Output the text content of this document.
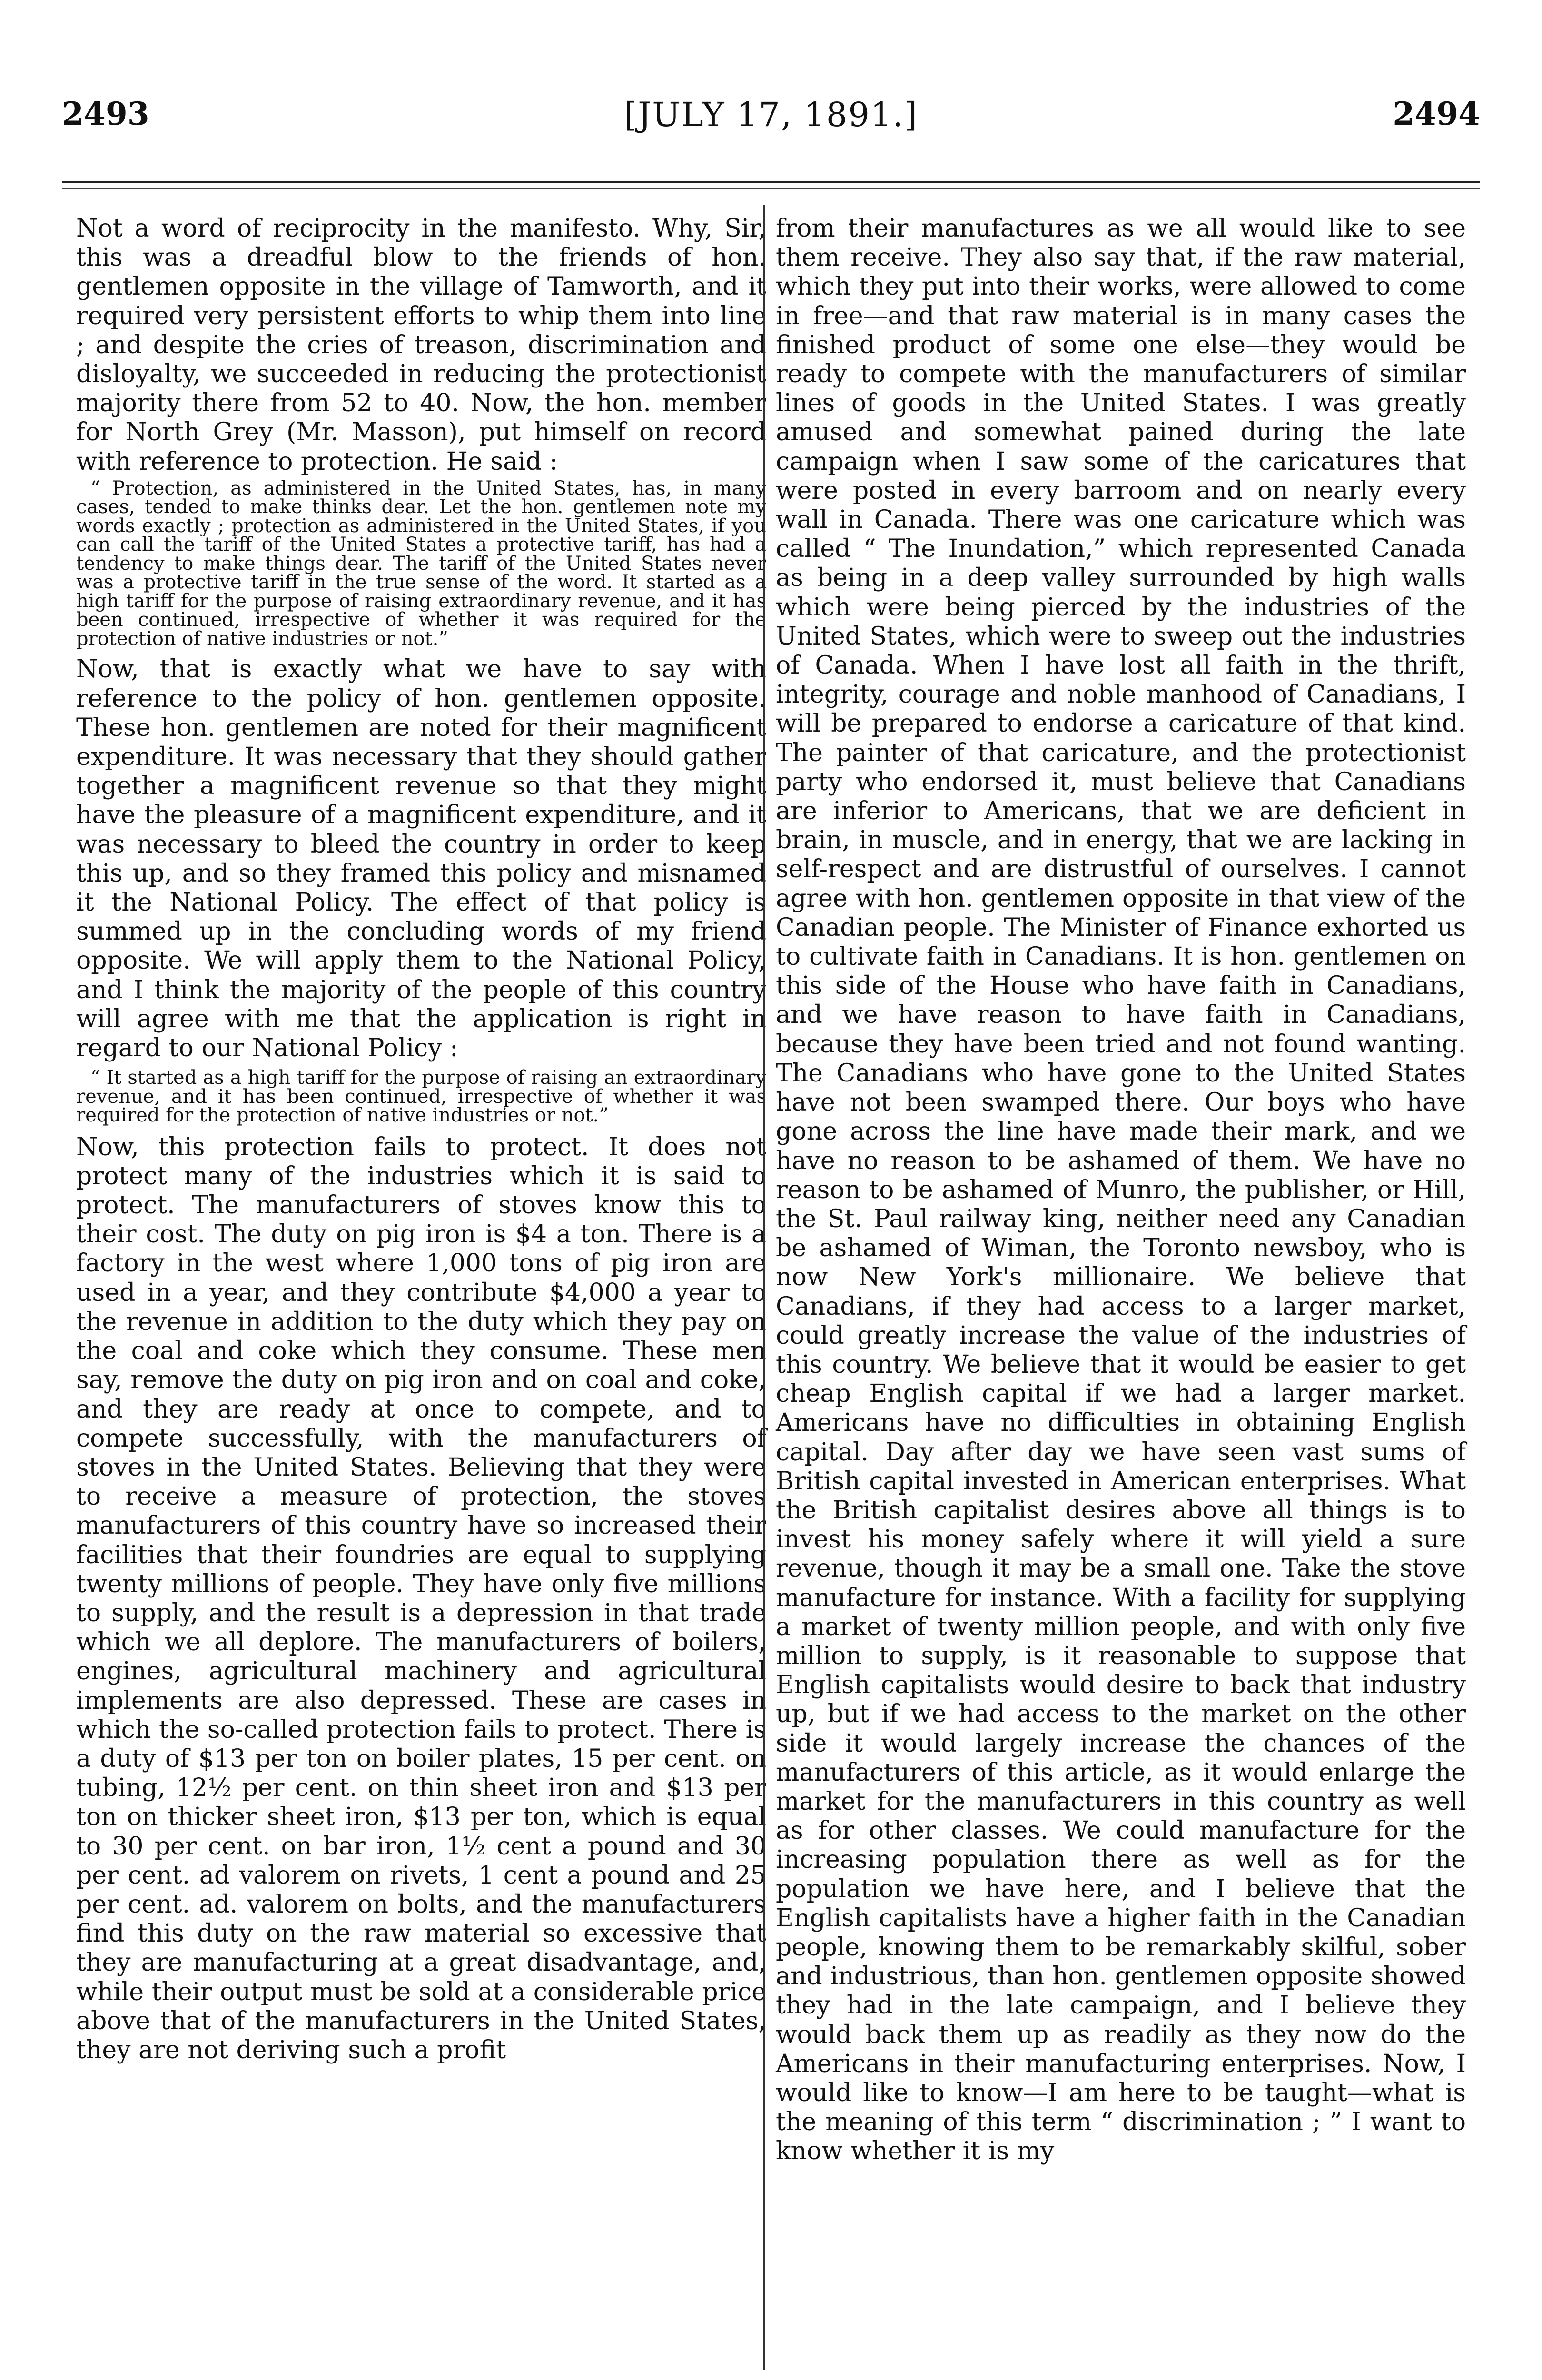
2493	[JULY 17, 1891.]	2494

Not a word of reciprocity in the manifesto. Why, Sir, this was a dreadful blow to the friends of hon. gentlemen opposite in the village of Tamworth, and it required very persistent efforts to whip them into line ; and despite the cries of treason, discrimination and disloyalty, we succeeded in reducing the protectionist majority there from 52 to 40. Now, the hon. member for North Grey (Mr. Masson), put himself on record with reference to protection. He said :

“ Protection, as administered in the United States, has, in many cases, tended to make thinks dear. Let the hon. gentlemen note my words exactly ; protection as administered in the United States, if you can call the tariff of the United States a protective tariff, has had a tendency to make things dear. The tariff of the United States never was a protective tariff in the true sense of the word. It started as a high tariff for the purpose of raising extraordinary revenue, and it has been continued, irrespective of whether it was required for the protection of native industries or not.”

Now, that is exactly what we have to say with reference to the policy of hon. gentlemen opposite. These hon. gentlemen are noted for their magnificent expenditure. It was necessary that they should gather together a magnificent revenue so that they might have the pleasure of a magnificent expenditure, and it was necessary to bleed the country in order to keep this up, and so they framed this policy and misnamed it the National Policy. The effect of that policy is summed up in the concluding words of my friend opposite. We will apply them to the National Policy, and I think the majority of the people of this country will agree with me that the application is right in regard to our National Policy :

“ It started as a high tariff for the purpose of raising an extraordinary revenue, and it has been continued, irrespective of whether it was required for the protection of native industries or not.”

Now, this protection fails to protect. It does not protect many of the industries which it is said to protect. The manufacturers of stoves know this to their cost. The duty on pig iron is $4 a ton. There is a factory in the west where 1,000 tons of pig iron are used in a year, and they contribute $4,000 a year to the revenue in addition to the duty which they pay on the coal and coke which they consume. These men say, remove the duty on pig iron and on coal and coke, and they are ready at once to compete, and to compete successfully, with the manufacturers of stoves in the United States. Believing that they were to receive a measure of protection, the stoves manufacturers of this country have so increased their facilities that their foundries are equal to supplying twenty millions of people. They have only five millions to supply, and the result is a depression in that trade which we all deplore. The manufacturers of boilers, engines, agricultural machinery and agricultural implements are also depressed. These are cases in which the so-called protection fails to protect. There is a duty of $13 per ton on boiler plates, 15 per cent. on tubing, 12½ per cent. on thin sheet iron and $13 per ton on thicker sheet iron, $13 per ton, which is equal to 30 per cent. on bar iron, 1½ cent a pound and 30 per cent. ad valorem on rivets, 1 cent a pound and 25 per cent. ad. valorem on bolts, and the manufacturers find this duty on the raw material so excessive that they are manufacturing at a great disadvantage, and, while their output must be sold at a considerable price above that of the manufacturers in the United States, they are not deriving such a profit

from their manufactures as we all would like to see them receive. They also say that, if the raw material, which they put into their works, were allowed to come in free—and that raw material is in many cases the finished product of some one else—they would be ready to compete with the manufacturers of similar lines of goods in the United States. I was greatly amused and somewhat pained during the late campaign when I saw some of the caricatures that were posted in every barroom and on nearly every wall in Canada. There was one caricature which was called “ The Inundation,” which represented Canada as being in a deep valley surrounded by high walls which were being pierced by the industries of the United States, which were to sweep out the industries of Canada. When I have lost all faith in the thrift, integrity, courage and noble manhood of Canadians, I will be prepared to endorse a caricature of that kind. The painter of that caricature, and the protectionist party who endorsed it, must believe that Canadians are inferior to Americans, that we are deficient in brain, in muscle, and in energy, that we are lacking in self-respect and are distrustful of ourselves. I cannot agree with hon. gentlemen opposite in that view of the Canadian people. The Minister of Finance exhorted us to cultivate faith in Canadians. It is hon. gentlemen on this side of the House who have faith in Canadians, and we have reason to have faith in Canadians, because they have been tried and not found wanting. The Canadians who have gone to the United States have not been swamped there. Our boys who have gone across the line have made their mark, and we have no reason to be ashamed of them. We have no reason to be ashamed of Munro, the publisher, or Hill, the St. Paul railway king, neither need any Canadian be ashamed of Wiman, the Toronto newsboy, who is now New York's millionaire. We believe that Canadians, if they had access to a larger market, could greatly increase the value of the industries of this country. We believe that it would be easier to get cheap English capital if we had a larger market. Americans have no difficulties in obtaining English capital. Day after day we have seen vast sums of British capital invested in American enterprises. What the British capitalist desires above all things is to invest his money safely where it will yield a sure revenue, though it may be a small one. Take the stove manufacture for instance. With a facility for supplying a market of twenty million people, and with only five million to supply, is it reasonable to suppose that English capitalists would desire to back that industry up, but if we had access to the market on the other side it would largely increase the chances of the manufacturers of this article, as it would enlarge the market for the manufacturers in this country as well as for other classes. We could manufacture for the increasing population there as well as for the population we have here, and I believe that the English capitalists have a higher faith in the Canadian people, knowing them to be remarkably skilful, sober and industrious, than hon. gentlemen opposite showed they had in the late campaign, and I believe they would back them up as readily as they now do the Americans in their manufacturing enterprises. Now, I would like to know—I am here to be taught—what is the meaning of this term “ discrimination ; ” I want to know whether it is my
